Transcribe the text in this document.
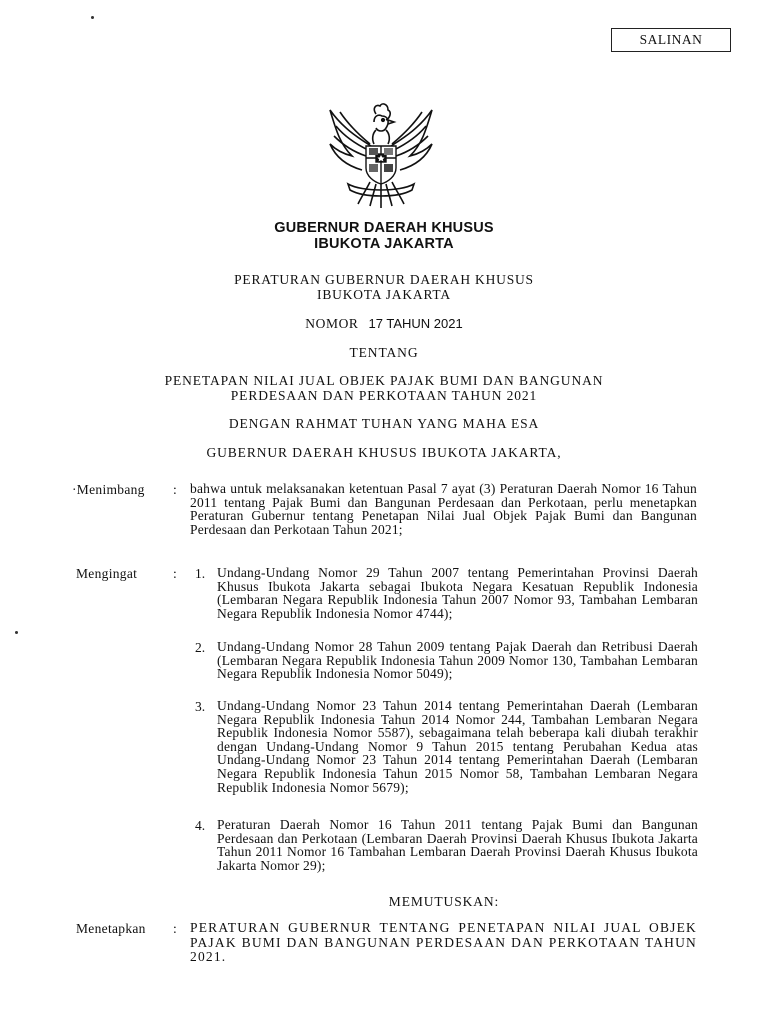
SALINAN
GUBERNUR DAERAH KHUSUS
IBUKOTA JAKARTA
PERATURAN GUBERNUR DAERAH KHUSUS
IBUKOTA JAKARTA
NOMOR 17 TAHUN 2021
TENTANG
PENETAPAN NILAI JUAL OBJEK PAJAK BUMI DAN BANGUNAN
PERDESAAN DAN PERKOTAAN TAHUN 2021
DENGAN RAHMAT TUHAN YANG MAHA ESA
GUBERNUR DAERAH KHUSUS IBUKOTA JAKARTA,
·Menimbang : bahwa untuk melaksanakan ketentuan Pasal 7 ayat (3) Peraturan Daerah Nomor 16 Tahun 2011 tentang Pajak Bumi dan Bangunan Perdesaan dan Perkotaan, perlu menetapkan Peraturan Gubernur tentang Penetapan Nilai Jual Objek Pajak Bumi dan Bangunan Perdesaan dan Perkotaan Tahun 2021;
Mengingat	: 1. Undang-Undang Nomor 29 Tahun 2007 tentang Pemerintahan Provinsi Daerah Khusus Ibukota Jakarta sebagai Ibukota Negara Kesatuan Republik Indonesia (Lembaran Negara Republik Indonesia Tahun 2007 Nomor 93, Tambahan Lembaran Negara Republik Indonesia Nomor 4744);
2. Undang-Undang Nomor 28 Tahun 2009 tentang Pajak Daerah dan Retribusi Daerah (Lembaran Negara Republik Indonesia Tahun 2009 Nomor 130, Tambahan Lembaran Negara Republik Indonesia Nomor 5049);
3. Undang-Undang Nomor 23 Tahun 2014 tentang Pemerintahan Daerah (Lembaran Negara Republik Indonesia Tahun 2014 Nomor 244, Tambahan Lembaran Negara Republik Indonesia Nomor 5587), sebagaimana telah beberapa kali diubah terakhir dengan Undang-Undang Nomor 9 Tahun 2015 tentang Perubahan Kedua atas Undang-Undang Nomor 23 Tahun 2014 tentang Pemerintahan Daerah (Lembaran Negara Republik Indonesia Tahun 2015 Nomor 58, Tambahan Lembaran Negara Republik Indonesia Nomor 5679);
4. Peraturan Daerah Nomor 16 Tahun 2011 tentang Pajak Bumi dan Bangunan Perdesaan dan Perkotaan (Lembaran Daerah Provinsi Daerah Khusus Ibukota Jakarta Tahun 2011 Nomor 16 Tambahan Lembaran Daerah Provinsi Daerah Khusus Ibukota Jakarta Nomor 29);
MEMUTUSKAN:
Menetapkan : PERATURAN GUBERNUR TENTANG PENETAPAN NILAI JUAL OBJEK PAJAK BUMI DAN BANGUNAN PERDESAAN DAN PERKOTAAN TAHUN 2021.
